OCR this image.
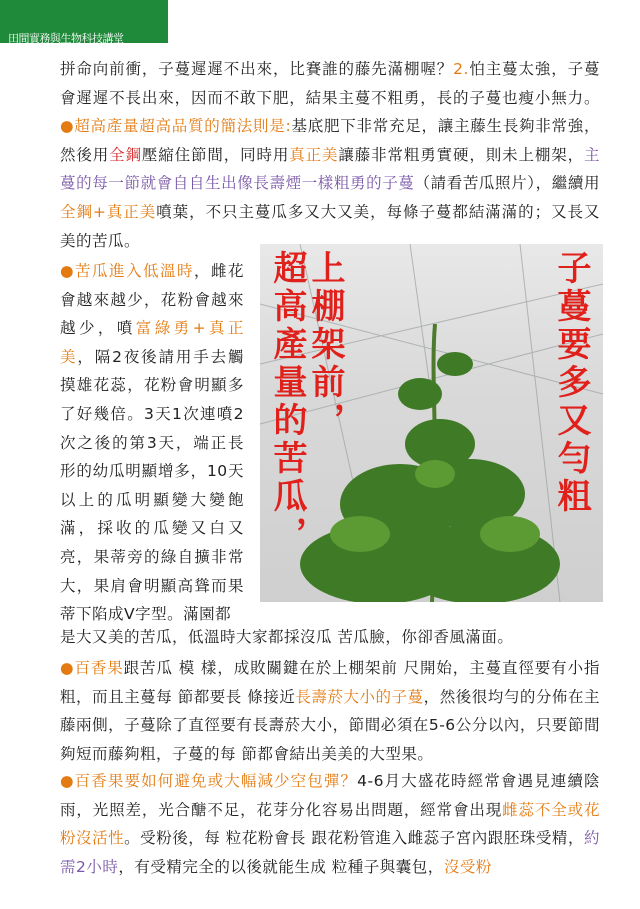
田間實務與生物科技講堂

拼命向前衝，子蔓遲遲不出來，比賽誰的藤先滿棚喔？2.怕主蔓太強，子蔓會遲遲不長出來，因而不敢下肥，結果主蔓不粗勇，長的子蔓也瘦小無力。●超高產量超高品質的簡法則是:基底肥下非常充足，讓主藤生長夠非常強，然後用全鋼壓縮住節間，同時用真正美讓藤非常粗勇實硬，則未上棚架，主蔓的每一節就會自自生出像長壽煙一樣粗勇的子蔓（請看苦瓜照片），繼續用全鋼+真正美噴葉，不只主蔓瓜多又大又美，每條子蔓都結滿滿的；又長又美的苦瓜。

●苦瓜進入低溫時，雌花會越來越少，花粉會越來越少，噴富綠勇+真正美，隔2夜後請用手去觸摸雄花蕊，花粉會明顯多了好幾倍。3天1次連噴2次之後的第3天，端正長形的幼瓜明顯增多，10天以上的瓜明顯變大變飽滿，採收的瓜變又白又亮，果蒂旁的綠自擴非常大，果肩會明顯高聳而果蒂下陷成V字型。滿園都

是大又美的苦瓜，低溫時大家都採沒瓜 苦瓜臉，你卻香風滿面。

子蔓要多又勻粗
上棚架前，
超高產量的苦瓜，

●百香果跟苦瓜 模 樣，成敗關鍵在於上棚架前 尺開始，主蔓直徑要有小指粗，而且主蔓每 節都要長 條接近長壽菸大小的子蔓，然後很均勻的分佈在主藤兩側，子蔓除了直徑要有長壽菸大小，節間必須在5-6公分以內，只要節間夠短而藤夠粗，子蔓的每 節都會結出美美的大型果。

●百香果要如何避免或大幅減少空包彈？4-6月大盛花時經常會遇見連續陰雨，光照差，光合醣不足，花芽分化容易出問題，經常會出現雌蕊不全或花粉沒活性。受粉後，每 粒花粉會長 跟花粉管進入雌蕊子宮內跟胚珠受精，約需2小時，有受精完全的以後就能生成 粒種子與囊包，沒受粉
